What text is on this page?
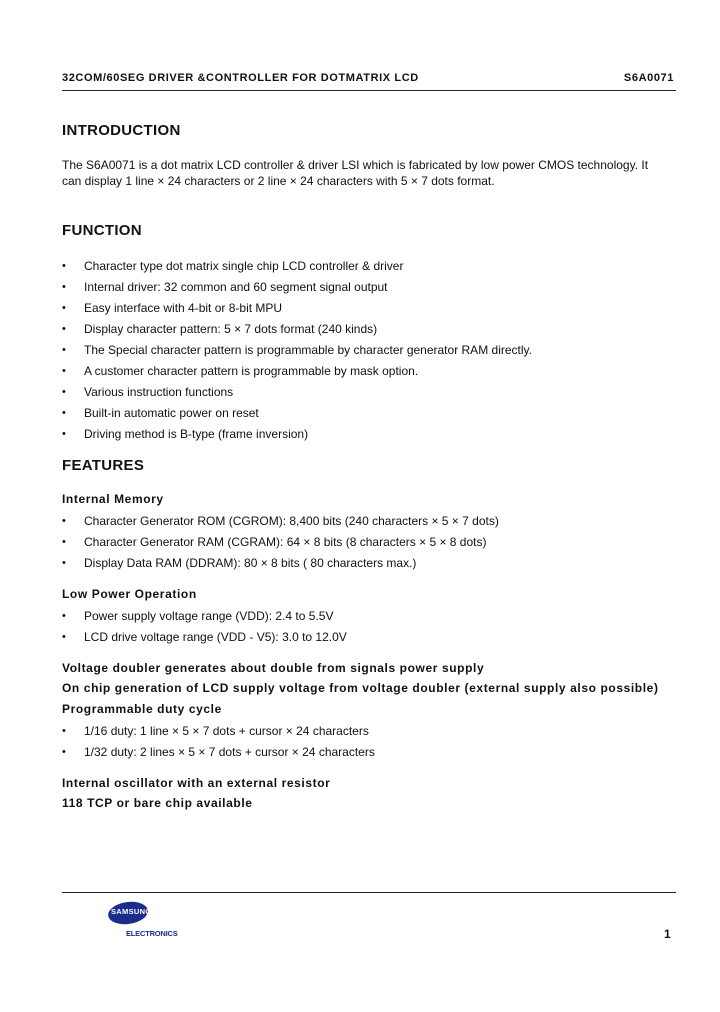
32COM/60SEG DRIVER &CONTROLLER FOR DOTMATRIX LCD	S6A0071
INTRODUCTION
The S6A0071 is a dot matrix LCD controller & driver LSI which is fabricated by low power CMOS technology. It
can display 1 line × 24 characters or 2 line × 24 characters with 5 × 7 dots format.
FUNCTION
• Character type dot matrix single chip LCD controller & driver
• Internal driver: 32 common and 60 segment signal output
• Easy interface with 4-bit or 8-bit MPU
• Display character pattern: 5 × 7 dots format (240 kinds)
• The Special character pattern is programmable by character generator RAM directly.
• A customer character pattern is programmable by mask option.
• Various instruction functions
• Built-in automatic power on reset
• Driving method is B-type (frame inversion)
FEATURES
Internal Memory
• Character Generator ROM (CGROM): 8,400 bits (240 characters × 5 × 7 dots)
• Character Generator RAM (CGRAM): 64 × 8 bits (8 characters × 5 × 8 dots)
• Display Data RAM (DDRAM): 80 × 8 bits ( 80 characters max.)
Low Power Operation
• Power supply voltage range (VDD): 2.4 to 5.5V
• LCD drive voltage range (VDD - V5): 3.0 to 12.0V
Voltage doubler generates about double from signals power supply
On chip generation of LCD supply voltage from voltage doubler (external supply also possible)
Programmable duty cycle
• 1/16 duty: 1 line × 5 × 7 dots + cursor × 24 characters
• 1/32 duty: 2 lines × 5 × 7 dots + cursor × 24 characters
Internal oscillator with an external resistor
118 TCP or bare chip available
SAMSUNG
ELECTRONICS	1
